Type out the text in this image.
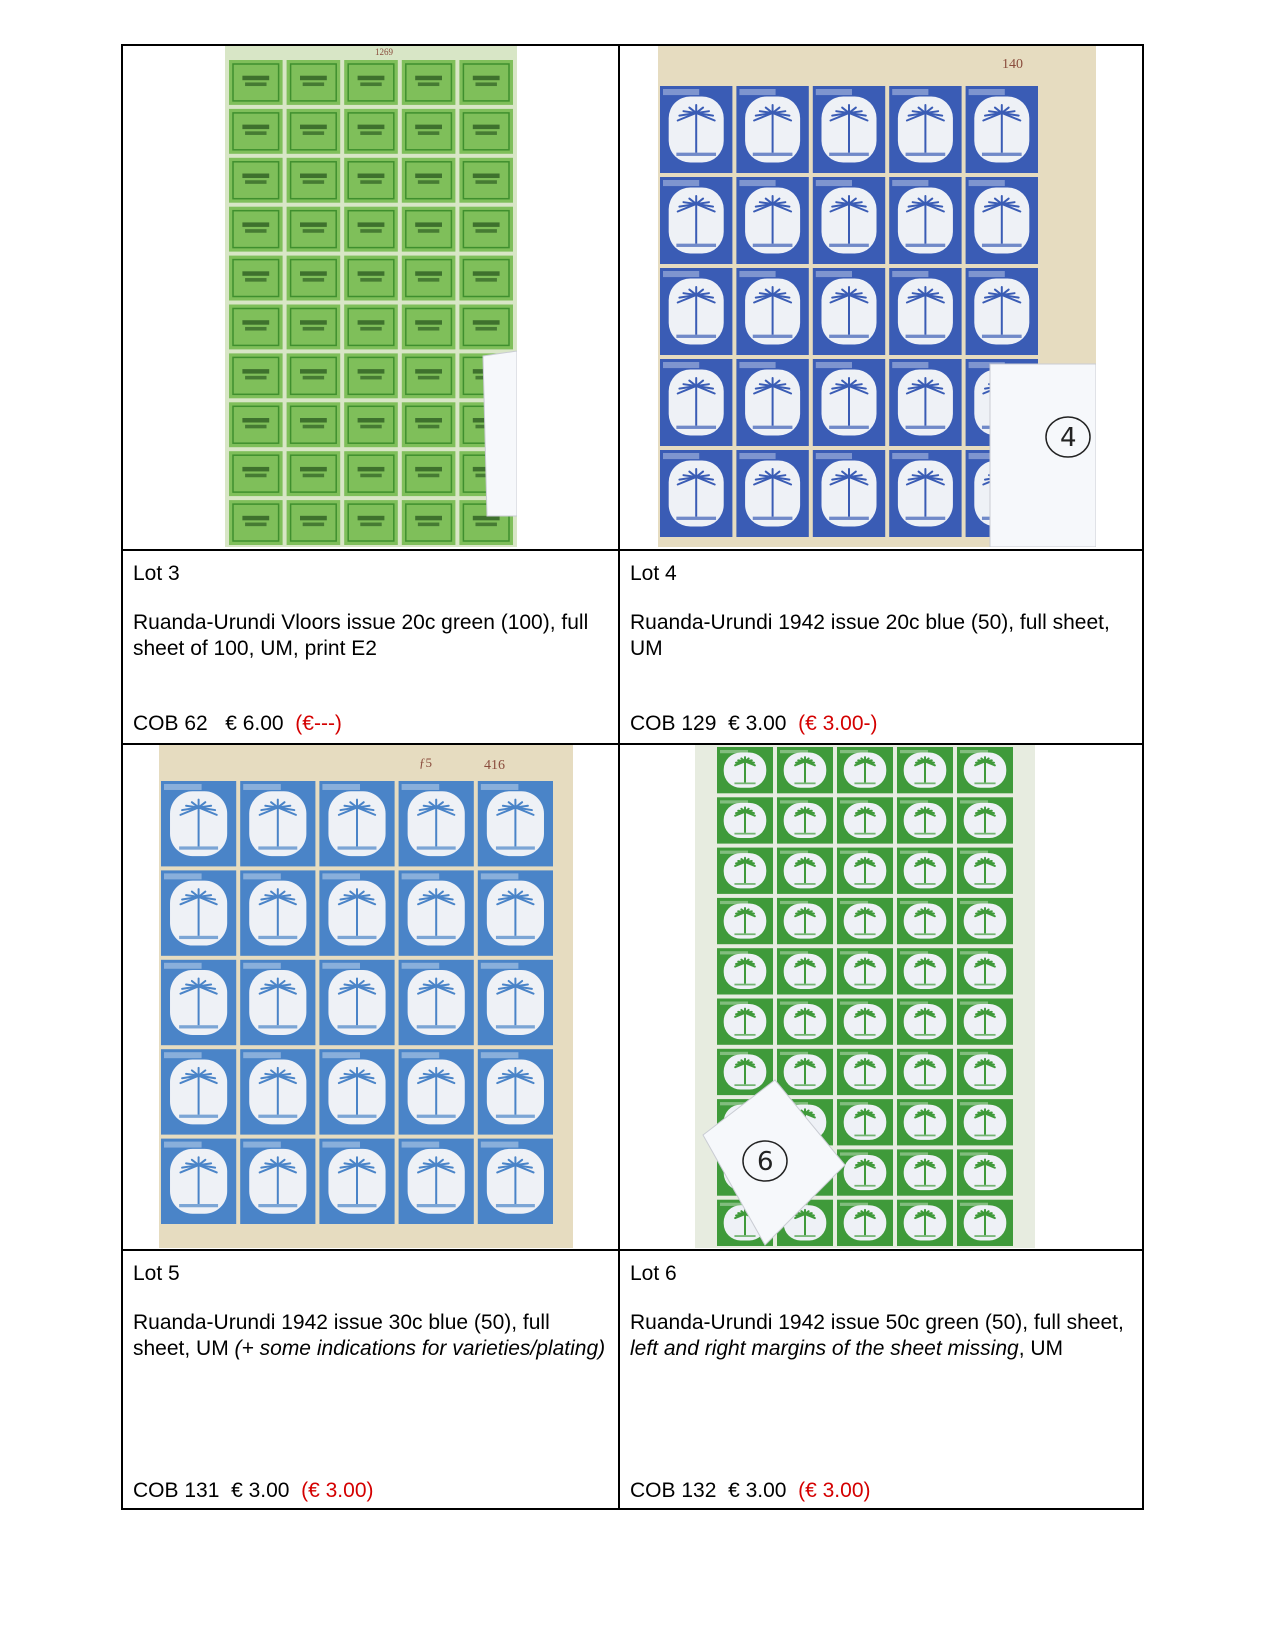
1269
140
4
Lot 3
Ruanda-Urundi Vloors issue 20c green (100), full sheet of 100, UM, print E2
COB 62 € 6.00 (€---)
Lot 4
Ruanda-Urundi 1942 issue 20c blue (50), full sheet, UM
COB 129 € 3.00 (€ 3.00-)
416
ƒ5
6
Lot 5
Ruanda-Urundi 1942 issue 30c blue (50), full sheet, UM (+ some indications for varieties/plating)
COB 131 € 3.00 (€ 3.00)
Lot 6
Ruanda-Urundi 1942 issue 50c green (50), full sheet, left and right margins of the sheet missing, UM
COB 132 € 3.00 (€ 3.00)
